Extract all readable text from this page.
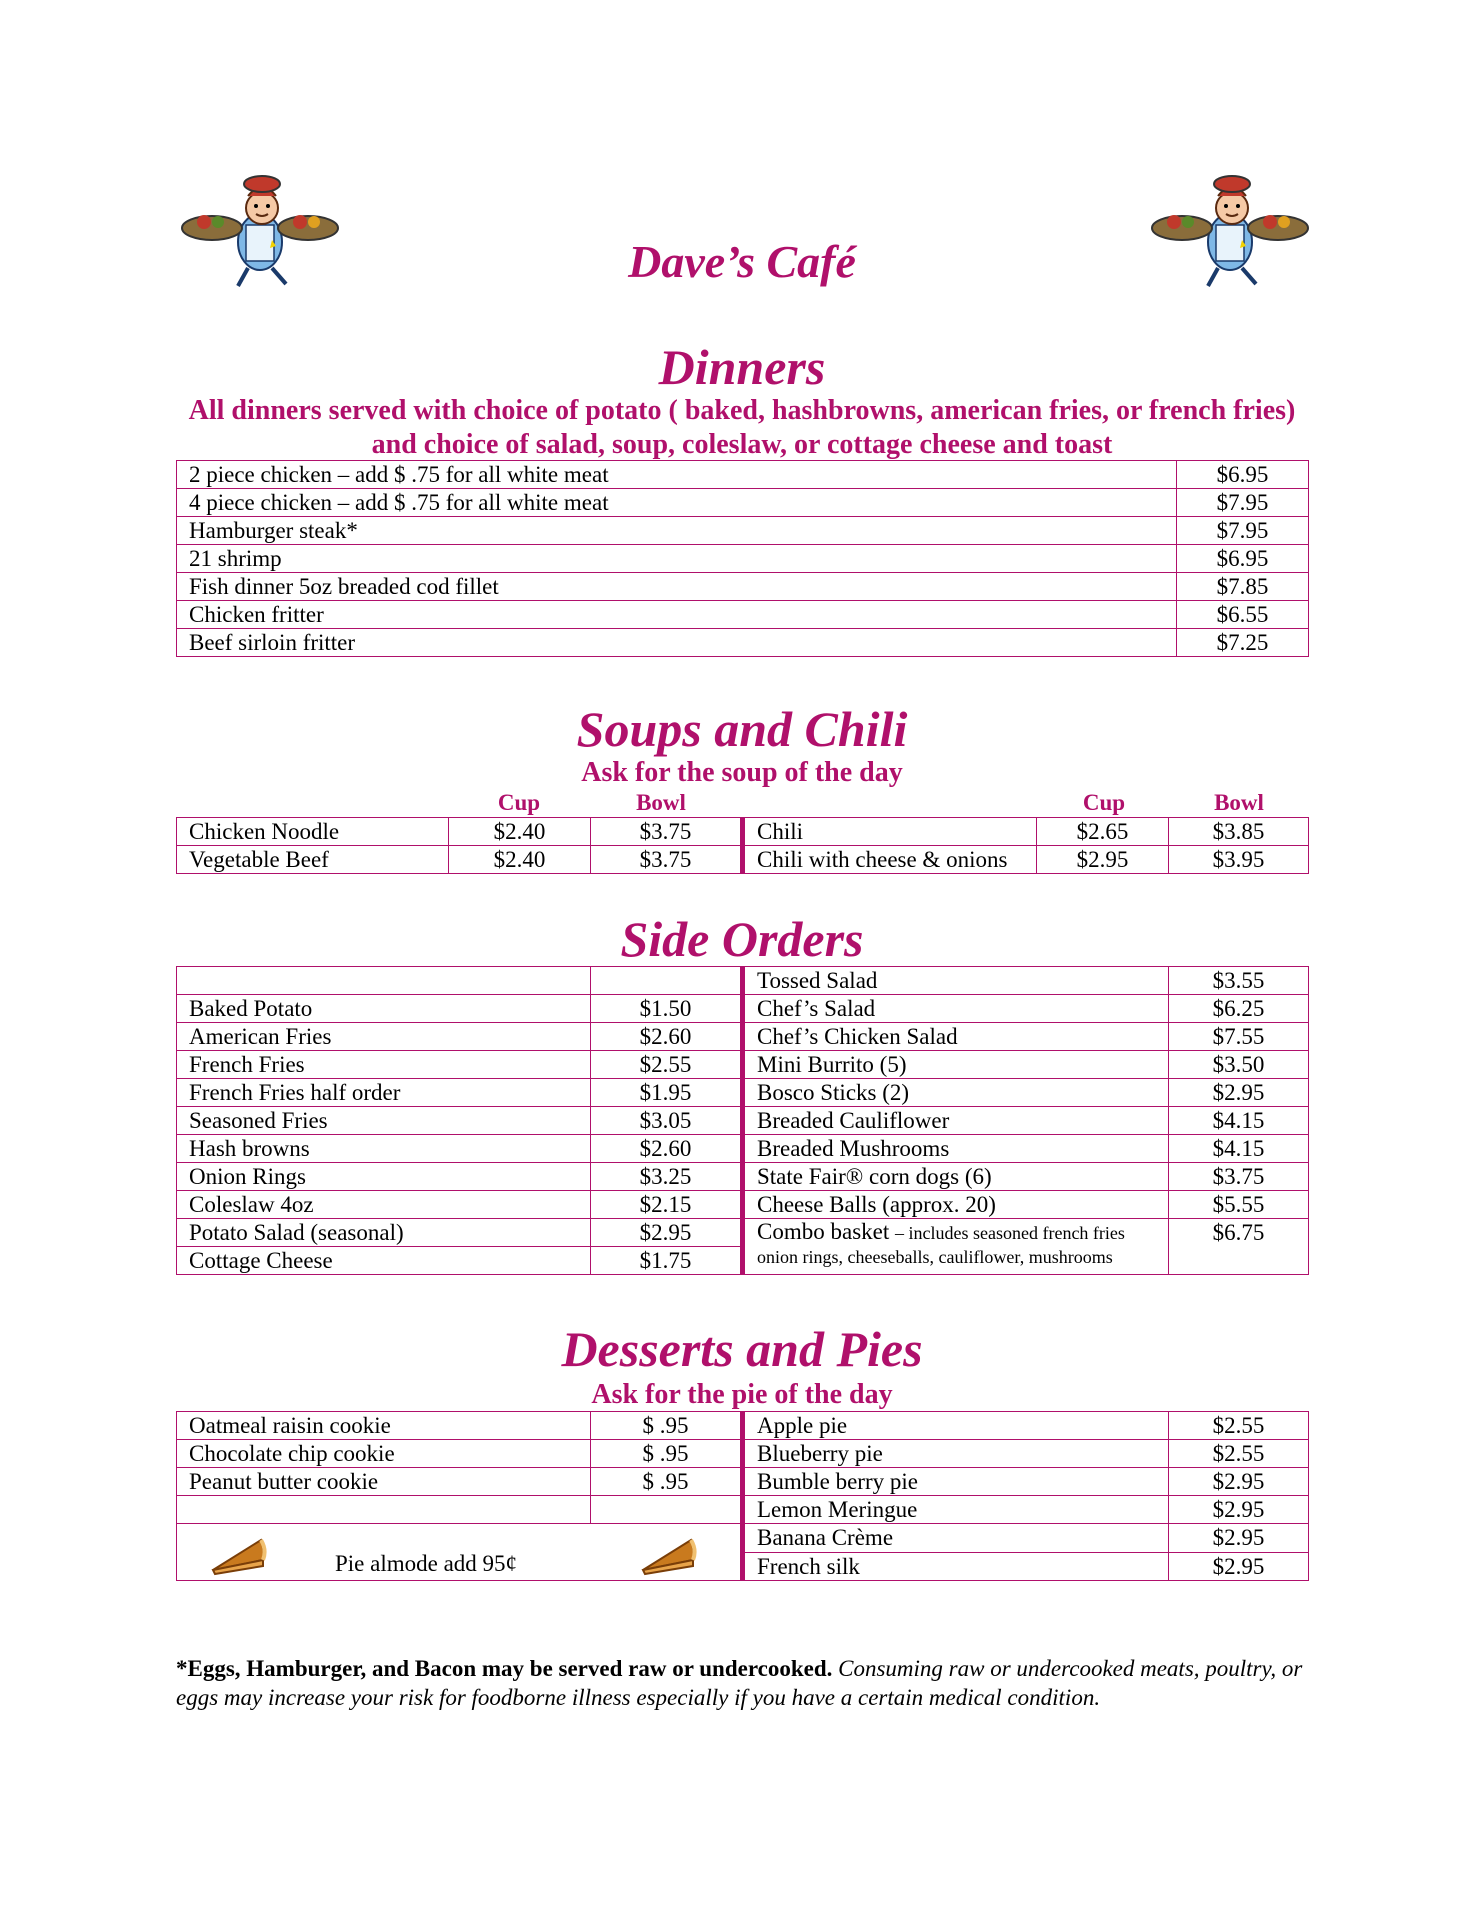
Dave’s Café
Dinners

All dinners served with choice of potato ( baked, hashbrowns, american fries, or french fries) and choice of salad, soup, coleslaw, or cottage cheese and toast

2 piece chicken – add $ .75 for all white meat	$6.95
4 piece chicken – add $ .75 for all white meat	$7.95
Hamburger steak*	$7.95
21 shrimp	$6.95
Fish dinner 5oz breaded cod fillet	$7.85
Chicken fritter	$6.55
Beef sirloin fritter	$7.25
Soups and Chili

Ask for the soup of the day

Cup	Bowl	Cup	Bowl
Chicken Noodle	$2.40	$3.75	Chili	$2.65	$3.85
Vegetable Beef	$2.40	$3.75	Chili with cheese & onions	$2.95	$3.95
Side Orders
		Tossed Salad	$3.55
Baked Potato	$1.50	Chef’s Salad	$6.25
American Fries	$2.60	Chef’s Chicken Salad	$7.55
French Fries	$2.55	Mini Burrito (5)	$3.50
French Fries half order	$1.95	Bosco Sticks (2)	$2.95
Seasoned Fries	$3.05	Breaded Cauliflower	$4.15
Hash browns	$2.60	Breaded Mushrooms	$4.15
Onion Rings	$3.25	State Fair® corn dogs (6)	$3.75
Coleslaw 4oz	$2.15	Cheese Balls (approx. 20)	$5.55
Potato Salad (seasonal)	$2.95	Combo basket – includes seasoned french fries
onion rings, cheeseballs, cauliflower, mushrooms	$6.75
Cottage Cheese	$1.75		
Desserts and Pies

Ask for the pie of the day

Oatmeal raisin cookie	$ .95	Apple pie	$2.55
Chocolate chip cookie	$ .95	Blueberry pie	$2.55
Peanut butter cookie	$ .95	Bumble berry pie	$2.95
		Lemon Meringue	$2.95

Pie almode add 95¢		Banana Crème	$2.95
		French silk	$2.95
*Eggs, Hamburger, and Bacon may be served raw or undercooked. Consuming raw or undercooked meats, poultry, or eggs may increase your risk for foodborne illness especially if you have a certain medical condition.
